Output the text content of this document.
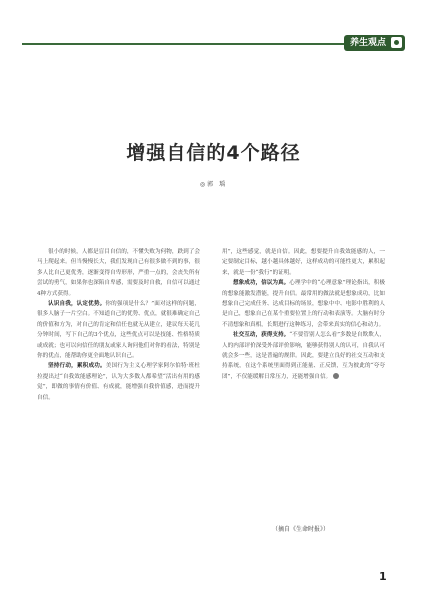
养生观点
增强自信的4个路径
◎郭 瑀

很小的时候，人都是盲目自信的，不懂失败为何物，跌到了会马上爬起来。但当慢慢长大，我们发现自己有很多做不到的事，很多人比自己更优秀，逐渐变得自卑形形，严重一点的，会丧失所有尝试的勇气，如果你也深陷自卑感，需要及时自救，自信可以通过4种方式获得。

认识自我，认定优势。你的强项是什么？”面对这样的问题，很多人脑子一片空白。不知道自己的优势、优点，就很难确定自己的价值和方为，对自己的肯定和信任也就无从建立，建议每天花几分钟时间，写下自己的3个优点，这些优点可以是技能、性格特质或成就；也可以向信任的朋友或家人询问他们对你的看法，特别是你的优点，能帮助你更全面地认识自己。

坚持行动，累积成功。美国行为主义心理学家阿尔伯特·班杜拉提出过“自我效能感理论”，认为大多数人都希望“活出有用的感觉”，即做的事情有价值、有成就，能增强自我价值感，进而提升自信。

用”，这些感觉，就是自信。因此，想要提升自我效能感的人，一定要制定目标，越小越具体越好，这样成功的可能性更大，累积起来，就是一份“我行”的证明。

想象成功，信以为真。心理学中的“心理意象”理论指出，积极的想象能激发潜能，提升自信。最常用的做法就是想象成功，比如想象自己完成任务、达成目标的场景，想象中中、电影中胜利的人是自己，想象自己在某个重要位置上的行动和表演等。大脑有时分不清想象和真相，长期进行这种练习，会带来真实的信心和动力。

社交互动，获得支持。“不要管别人怎么看”多数是自欺欺人，人的内部评价深受外部评价影响，能够获得别人的认可，自我认可就会多一些，这是普遍的规律。因此，要建立良好的社交互动和支持系统，在这个系统里面得到正能量、正反馈，互为彼此的“夸夸团”，不仅能缓解日常压力，还能增强自信。

（摘自《生命时报》）
1
